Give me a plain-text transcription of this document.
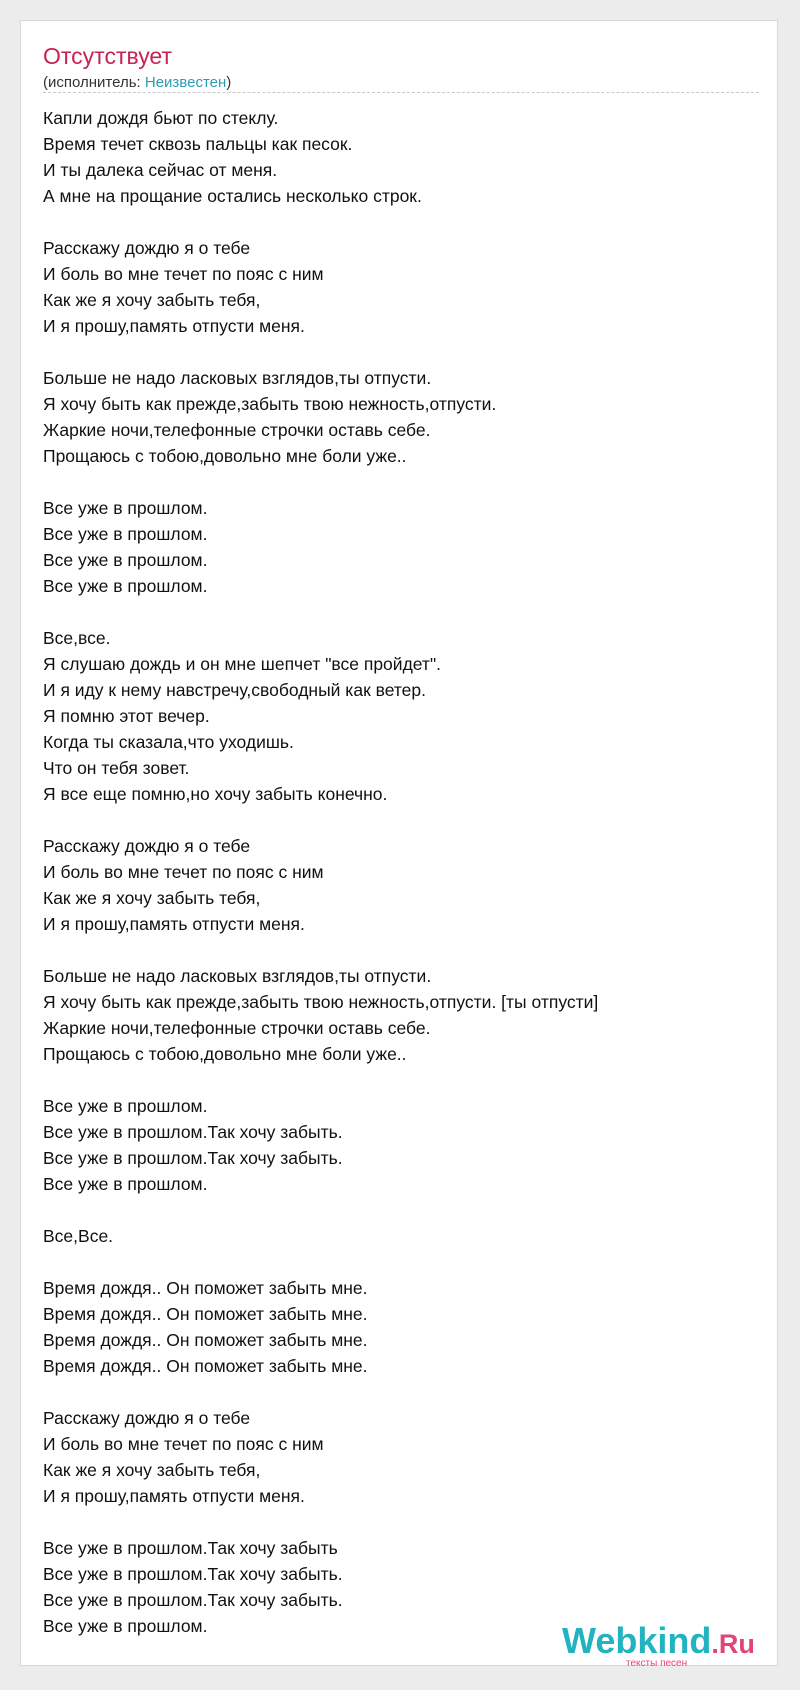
Отсутствует
(исполнитель: Неизвестен)
Капли дождя бьют по стеклу.
Время течет сквозь пальцы как песок.
И ты далека сейчас от меня.
А мне на прощание остались несколько строк.
Расскажу дождю я о тебе
И боль во мне течет по пояс с ним
Как же я хочу забыть тебя,
И я прошу,память отпусти меня.
Больше не надо ласковых взглядов,ты отпусти.
Я хочу быть как прежде,забыть твою нежность,отпусти.
Жаркие ночи,телефонные строчки оставь себе.
Прощаюсь с тобою,довольно мне боли уже..
Все уже в прошлом.
Все уже в прошлом.
Все уже в прошлом.
Все уже в прошлом.
Все,все.
Я слушаю дождь и он мне шепчет "все пройдет".
И я иду к нему навстречу,свободный как ветер.
Я помню этот вечер.
Когда ты сказала,что уходишь.
Что он тебя зовет.
Я все еще помню,но хочу забыть конечно.
Расскажу дождю я о тебе
И боль во мне течет по пояс с ним
Как же я хочу забыть тебя,
И я прошу,память отпусти меня.
Больше не надо ласковых взглядов,ты отпусти.
Я хочу быть как прежде,забыть твою нежность,отпусти. [ты отпусти]
Жаркие ночи,телефонные строчки оставь себе.
Прощаюсь с тобою,довольно мне боли уже..
Все уже в прошлом.
Все уже в прошлом.Так хочу забыть.
Все уже в прошлом.Так хочу забыть.
Все уже в прошлом.
Все,Все.
Время дождя.. Он поможет забыть мне.
Время дождя.. Он поможет забыть мне.
Время дождя.. Он поможет забыть мне.
Время дождя.. Он поможет забыть мне.
Расскажу дождю я о тебе
И боль во мне течет по пояс с ним
Как же я хочу забыть тебя,
И я прошу,память отпусти меня.
Все уже в прошлом.Так хочу забыть
Все уже в прошлом.Так хочу забыть.
Все уже в прошлом.Так хочу забыть.
Все уже в прошлом.	Webkind.Ru
тексты песен
